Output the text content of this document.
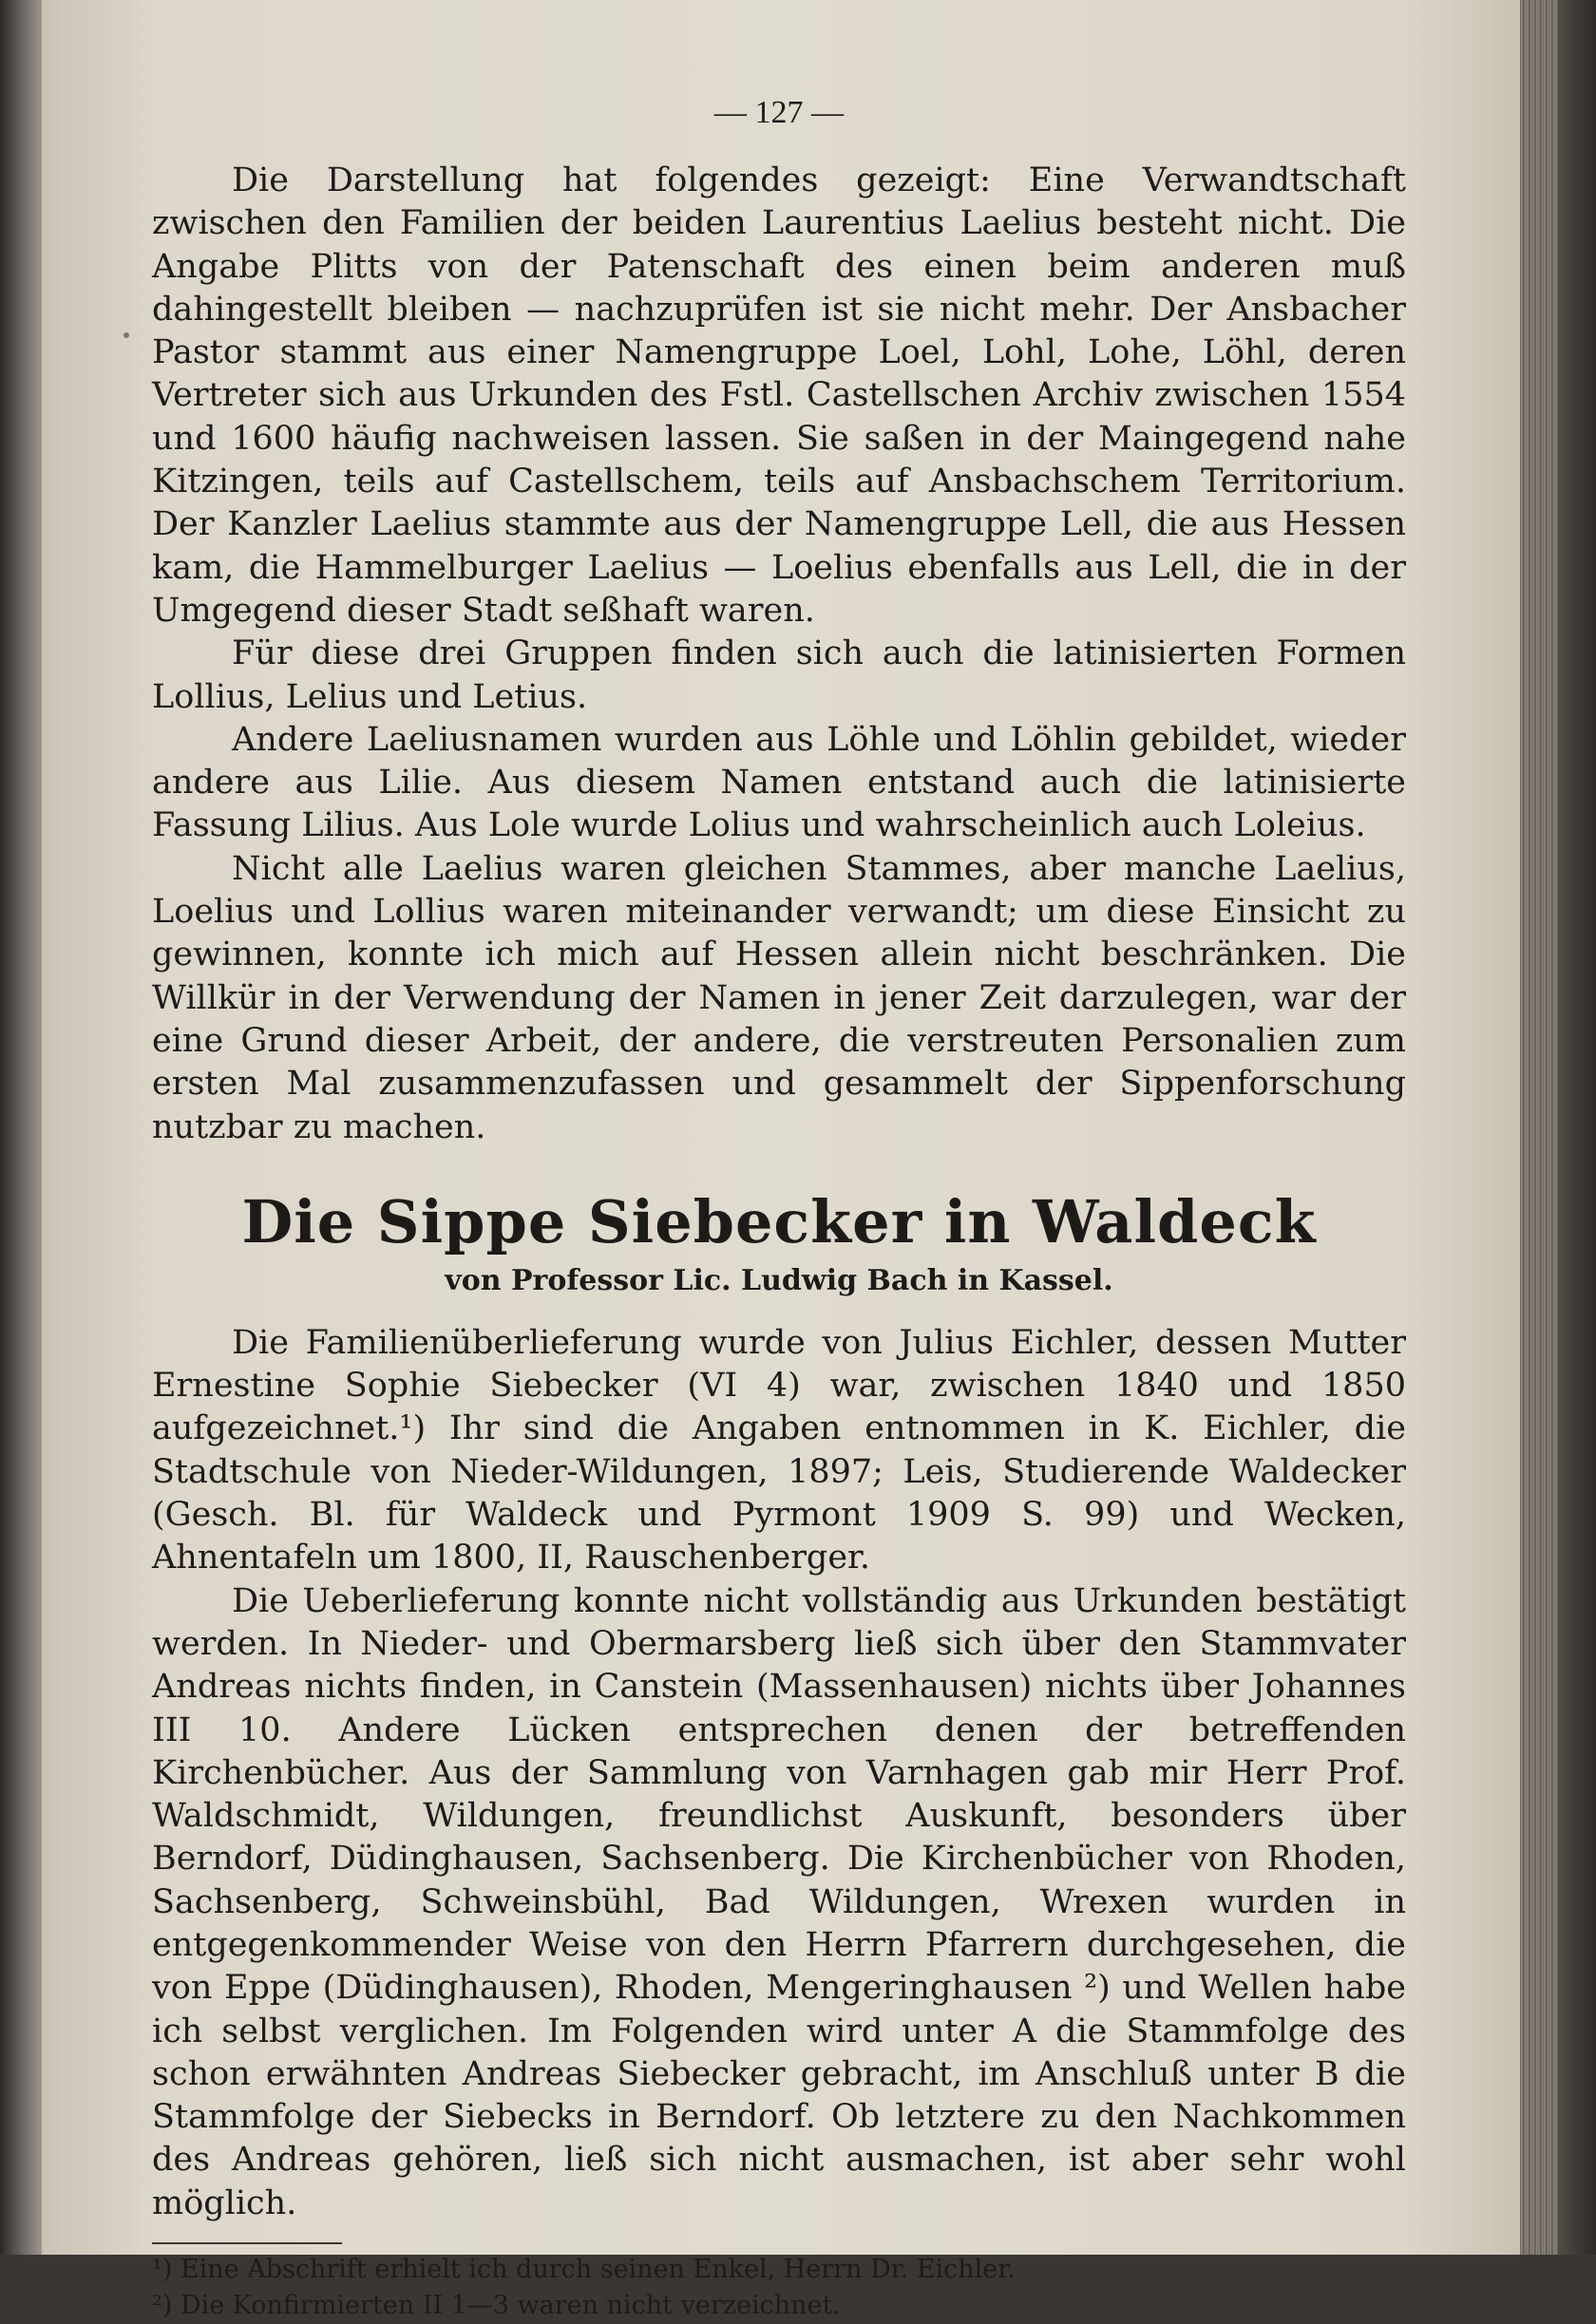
— 127 —

Die Darstellung hat folgendes gezeigt: Eine Verwandtschaft zwischen den Familien der beiden Laurentius Laelius besteht nicht. Die Angabe Plitts von der Patenschaft des einen beim anderen muß dahingestellt bleiben — nachzuprüfen ist sie nicht mehr. Der Ansbacher Pastor stammt aus einer Namengruppe Loel, Lohl, Lohe, Löhl, deren Vertreter sich aus Urkunden des Fstl. Castellschen Archiv zwischen 1554 und 1600 häufig nachweisen lassen. Sie saßen in der Maingegend nahe Kitzingen, teils auf Castellschem, teils auf Ansbachschem Territorium. Der Kanzler Laelius stammte aus der Namengruppe Lell, die aus Hessen kam, die Hammelburger Laelius — Loelius ebenfalls aus Lell, die in der Umgegend dieser Stadt seßhaft waren.

Für diese drei Gruppen finden sich auch die latinisierten Formen Lollius, Lelius und Letius.

Andere Laeliusnamen wurden aus Löhle und Löhlin gebildet, wieder andere aus Lilie. Aus diesem Namen entstand auch die latinisierte Fassung Lilius. Aus Lole wurde Lolius und wahrscheinlich auch Loleius.

Nicht alle Laelius waren gleichen Stammes, aber manche Laelius, Loelius und Lollius waren miteinander verwandt; um diese Einsicht zu gewinnen, konnte ich mich auf Hessen allein nicht beschränken. Die Willkür in der Verwendung der Namen in jener Zeit darzulegen, war der eine Grund dieser Arbeit, der andere, die verstreuten Personalien zum ersten Mal zusammenzufassen und gesammelt der Sippenforschung nutzbar zu machen.

Die Sippe Siebecker in Waldeck
von Professor Lic. Ludwig Bach in Kassel.

Die Familienüberlieferung wurde von Julius Eichler, dessen Mutter Ernestine Sophie Siebecker (VI 4) war, zwischen 1840 und 1850 aufgezeichnet.¹) Ihr sind die Angaben entnommen in K. Eichler, die Stadtschule von Nieder-Wildungen, 1897; Leis, Studierende Waldecker (Gesch. Bl. für Waldeck und Pyrmont 1909 S. 99) und Wecken, Ahnentafeln um 1800, II, Rauschenberger.

Die Ueberlieferung konnte nicht vollständig aus Urkunden bestätigt werden. In Nieder- und Obermarsberg ließ sich über den Stammvater Andreas nichts finden, in Canstein (Massenhausen) nichts über Johannes III 10. Andere Lücken entsprechen denen der betreffenden Kirchenbücher. Aus der Sammlung von Varnhagen gab mir Herr Prof. Waldschmidt, Wildungen, freundlichst Auskunft, besonders über Berndorf, Düdinghausen, Sachsenberg. Die Kirchenbücher von Rhoden, Sachsenberg, Schweinsbühl, Bad Wildungen, Wrexen wurden in entgegenkommender Weise von den Herrn Pfarrern durchgesehen, die von Eppe (Düdinghausen), Rhoden, Mengeringhausen ²) und Wellen habe ich selbst verglichen. Im Folgenden wird unter A die Stammfolge des schon erwähnten Andreas Siebecker gebracht, im Anschluß unter B die Stammfolge der Siebecks in Berndorf. Ob letztere zu den Nachkommen des Andreas gehören, ließ sich nicht ausmachen, ist aber sehr wohl möglich.

¹) Eine Abschrift erhielt ich durch seinen Enkel, Herrn Dr. Eichler.
²) Die Konfirmierten II 1—3 waren nicht verzeichnet.
